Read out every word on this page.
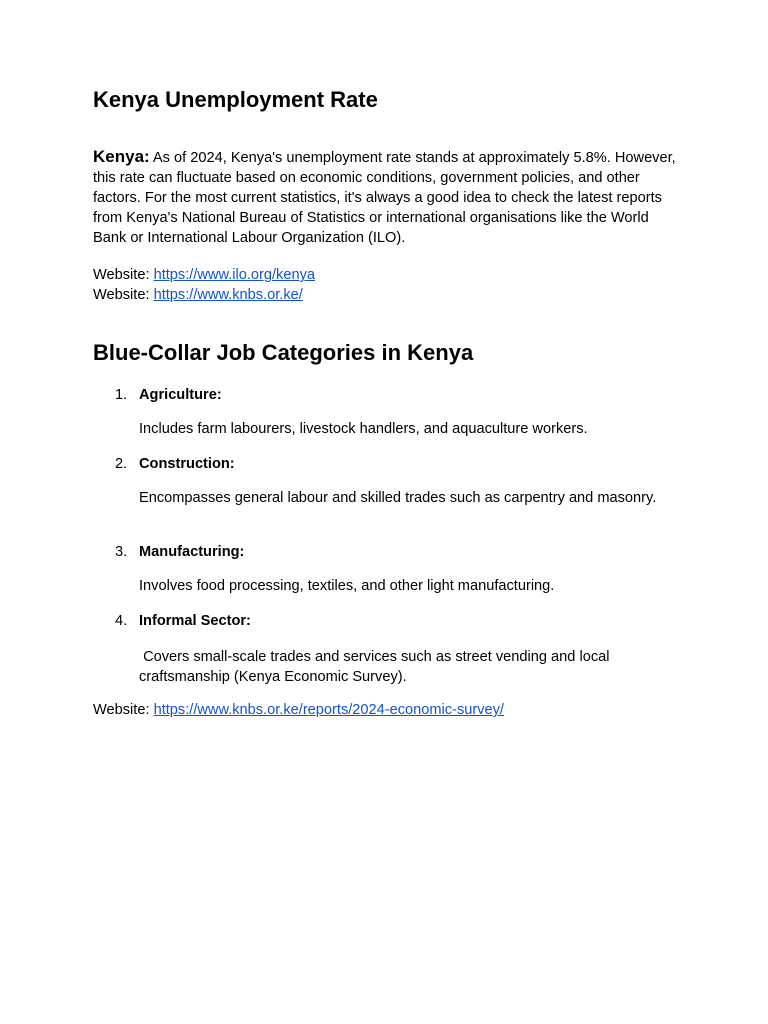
Kenya Unemployment Rate

Kenya: As of 2024, Kenya's unemployment rate stands at approximately 5.8%. However, this rate can fluctuate based on economic conditions, government policies, and other factors. For the most current statistics, it's always a good idea to check the latest reports from Kenya's National Bureau of Statistics or international organisations like the World Bank or International Labour Organization (ILO).

Website: https://www.ilo.org/kenya
Website: https://www.knbs.or.ke/
Blue-Collar Job Categories in Kenya
1. Agriculture:
Includes farm labourers, livestock handlers, and aquaculture workers.
2. Construction:
Encompasses general labour and skilled trades such as carpentry and masonry.
3. Manufacturing:
Involves food processing, textiles, and other light manufacturing.
4. Informal Sector:
Covers small-scale trades and services such as street vending and local craftsmanship (Kenya Economic Survey).
Website: https://www.knbs.or.ke/reports/2024-economic-survey/
